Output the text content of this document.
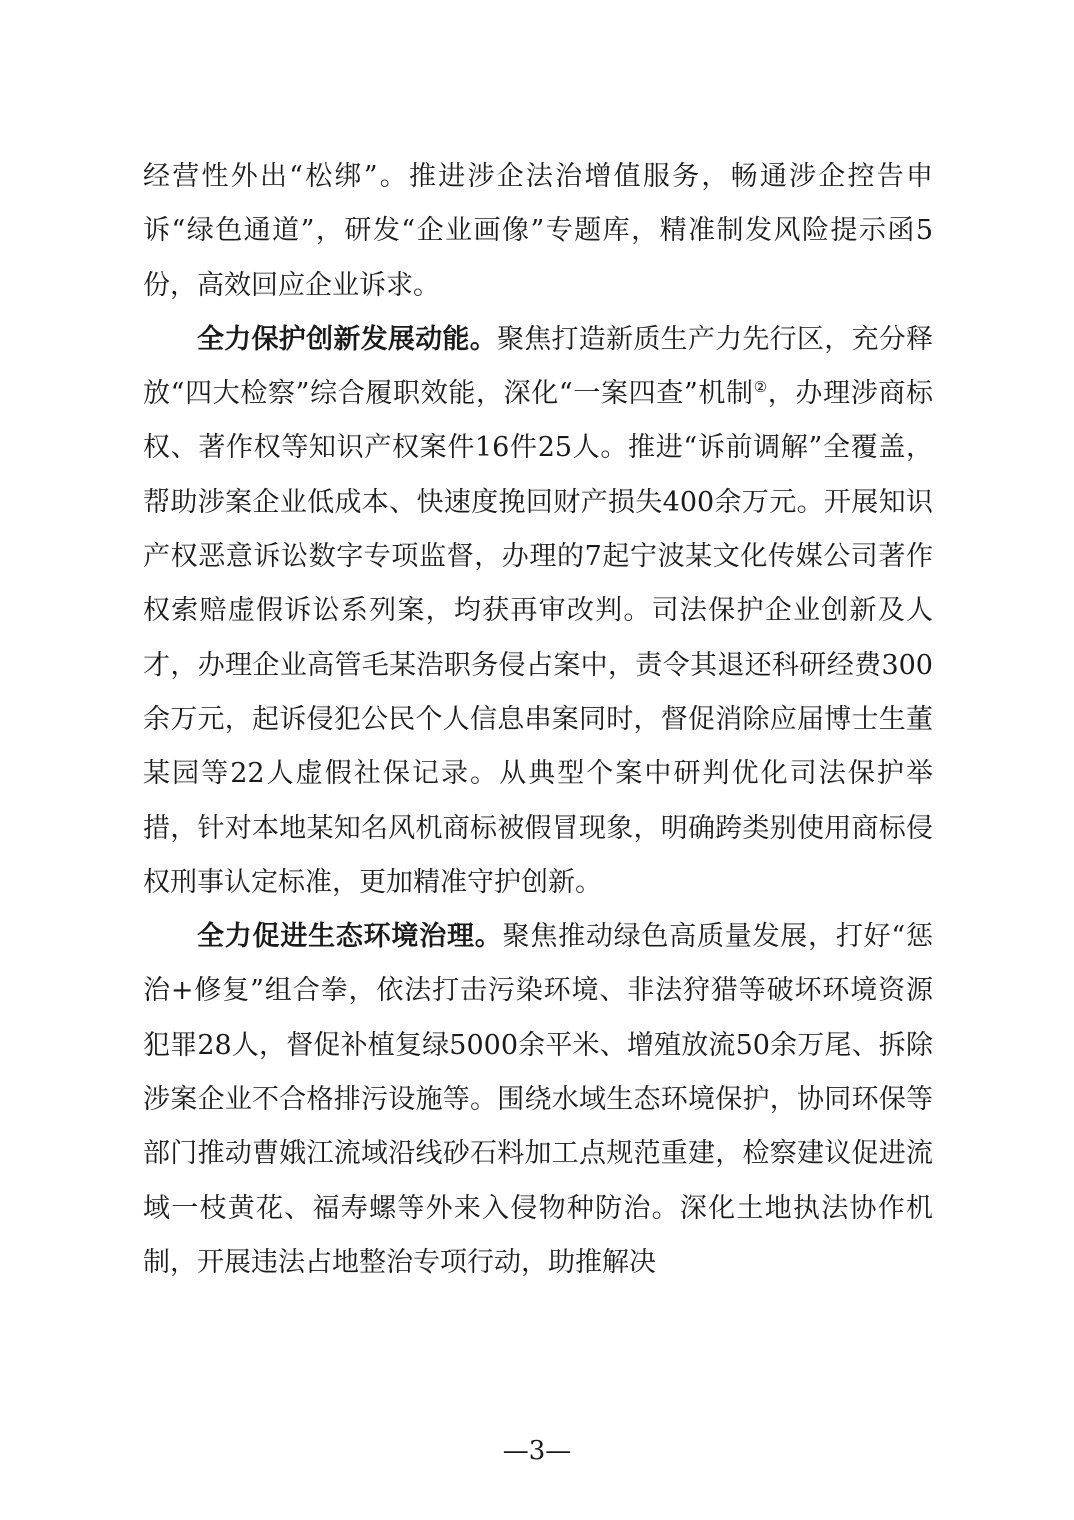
经营性外出“松绑”。推进涉企法治增值服务，畅通涉企控告申诉“绿色通道”，研发“企业画像”专题库，精准制发风险提示函5份，高效回应企业诉求。

全力保护创新发展动能。聚焦打造新质生产力先行区，充分释放“四大检察”综合履职效能，深化“一案四查”机制②，办理涉商标权、著作权等知识产权案件16件25人。推进“诉前调解”全覆盖，帮助涉案企业低成本、快速度挽回财产损失400余万元。开展知识产权恶意诉讼数字专项监督，办理的7起宁波某文化传媒公司著作权索赔虚假诉讼系列案，均获再审改判。司法保护企业创新及人才，办理企业高管毛某浩职务侵占案中，责令其退还科研经费300余万元，起诉侵犯公民个人信息串案同时，督促消除应届博士生董某园等22人虚假社保记录。从典型个案中研判优化司法保护举措，针对本地某知名风机商标被假冒现象，明确跨类别使用商标侵权刑事认定标准，更加精准守护创新。

全力促进生态环境治理。聚焦推动绿色高质量发展，打好“惩治+修复”组合拳，依法打击污染环境、非法狩猎等破坏环境资源犯罪28人，督促补植复绿5000余平米、增殖放流50余万尾、拆除涉案企业不合格排污设施等。围绕水域生态环境保护，协同环保等部门推动曹娥江流域沿线砂石料加工点规范重建，检察建议促进流域一枝黄花、福寿螺等外来入侵物种防治。深化土地执法协作机制，开展违法占地整治专项行动，助推解决

—3—
